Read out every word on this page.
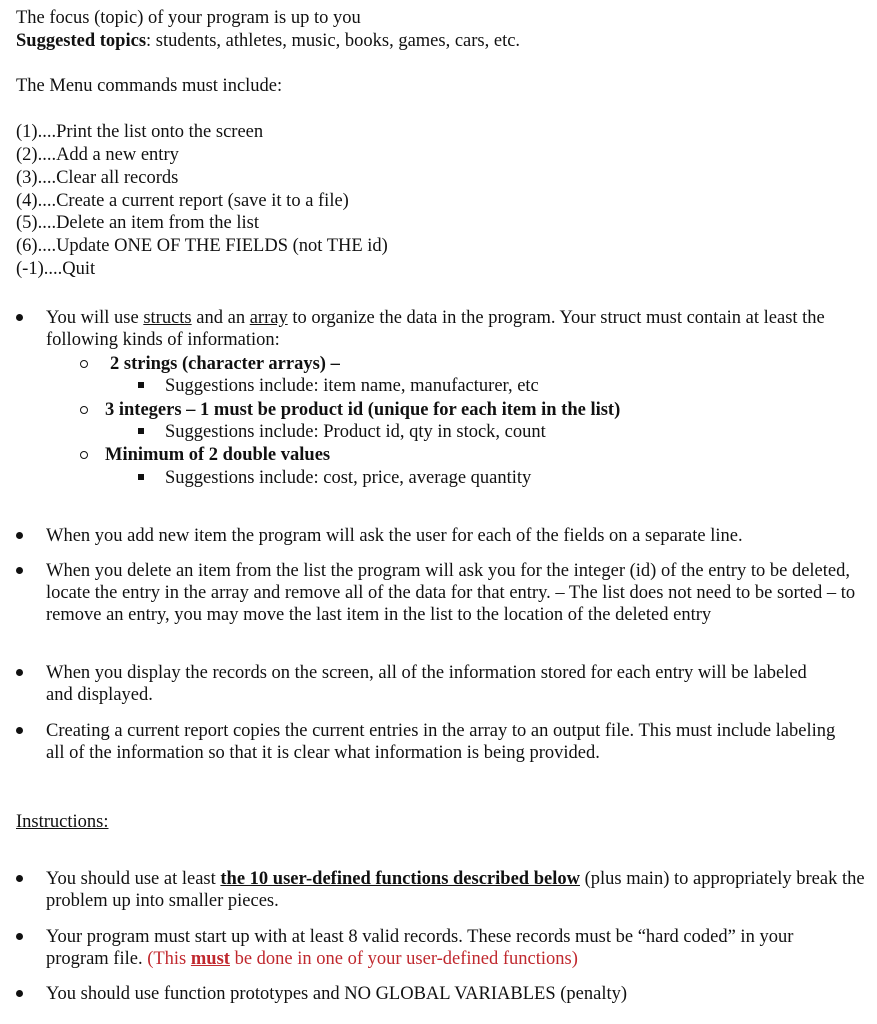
The focus (topic) of your program is up to you
Suggested topics: students, athletes, music, books, games, cars, etc.
The Menu commands must include:
(1)....Print the list onto the screen
(2)....Add a new entry
(3)....Clear all records
(4)....Create a current report (save it to a file)
(5)....Delete an item from the list
(6)....Update ONE OF THE FIELDS (not THE id)
(-1)....Quit
You will use structs and an array to organize the data in the program. Your struct must contain at least the following kinds of information:
2 strings (character arrays) –
Suggestions include: item name, manufacturer, etc
3 integers – 1 must be product id (unique for each item in the list)
Suggestions include: Product id, qty in stock, count
Minimum of 2 double values
Suggestions include: cost, price, average quantity
When you add new item the program will ask the user for each of the fields on a separate line.
When you delete an item from the list the program will ask you for the integer (id) of the entry to be deleted, locate the entry in the array and remove all of the data for that entry. – The list does not need to be sorted – to remove an entry, you may move the last item in the list to the location of the deleted entry
When you display the records on the screen, all of the information stored for each entry will be labeled and displayed.
Creating a current report copies the current entries in the array to an output file. This must include labeling all of the information so that it is clear what information is being provided.
Instructions:
You should use at least the 10 user-defined functions described below (plus main) to appropriately break the problem up into smaller pieces.
Your program must start up with at least 8 valid records. These records must be “hard coded” in your program file. (This must be done in one of your user-defined functions)
You should use function prototypes and NO GLOBAL VARIABLES (penalty)
